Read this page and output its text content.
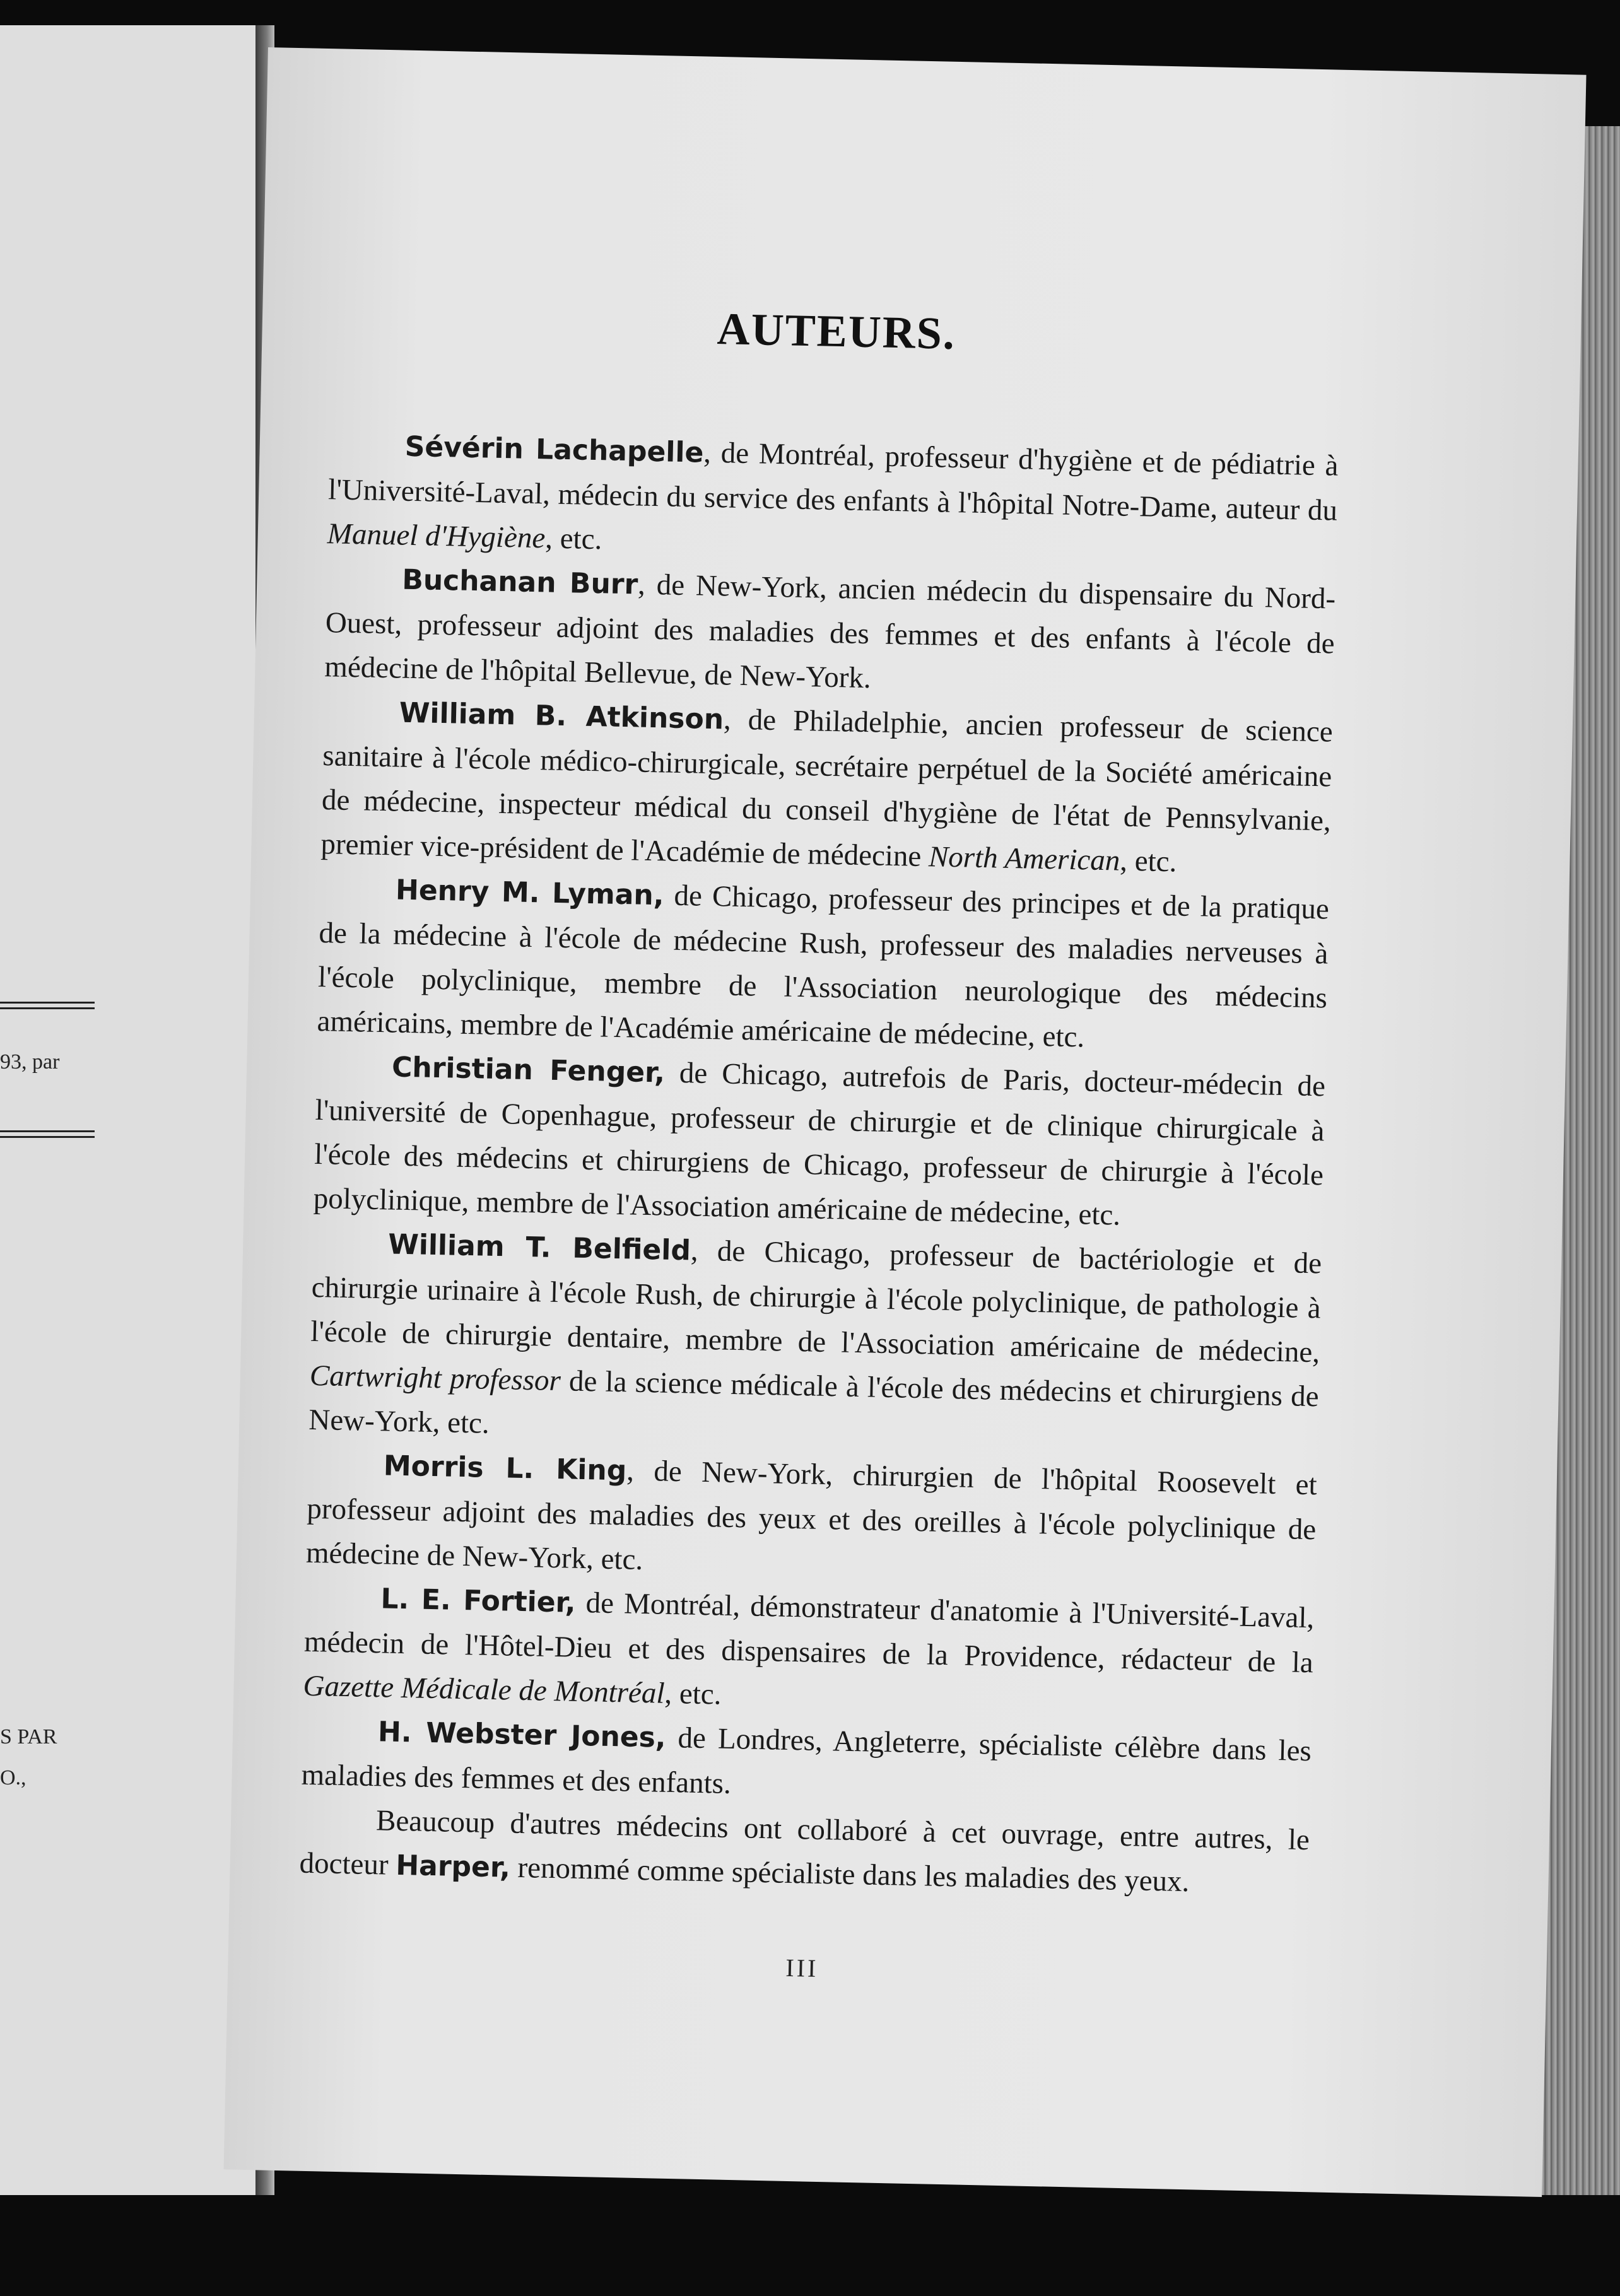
93, par
S PAR
O.,
AUTEURS.

Sévérin Lachapelle, de Montréal, professeur d'hygiène et de pédiatrie à l'Université-Laval, médecin du service des enfants à l'hôpital Notre-Dame, auteur du Manuel d'Hygiène, etc.

Buchanan Burr, de New-York, ancien médecin du dispensaire du Nord-Ouest, professeur adjoint des maladies des femmes et des enfants à l'école de médecine de l'hôpital Bellevue, de New-York.

William B. Atkinson, de Philadelphie, ancien professeur de science sanitaire à l'école médico-chirurgicale, secrétaire perpétuel de la Société américaine de médecine, inspecteur médical du conseil d'hygiène de l'état de Pennsylvanie, premier vice-président de l'Académie de médecine North American, etc.

Henry M. Lyman, de Chicago, professeur des principes et de la pratique de la médecine à l'école de médecine Rush, professeur des maladies nerveuses à l'école polyclinique, membre de l'Association neurologique des médecins américains, membre de l'Académie américaine de médecine, etc.

Christian Fenger, de Chicago, autrefois de Paris, docteur-médecin de l'université de Copenhague, professeur de chirurgie et de clinique chirurgicale à l'école des médecins et chirurgiens de Chicago, professeur de chirurgie à l'école polyclinique, membre de l'Association américaine de médecine, etc.

William T. Belfield, de Chicago, professeur de bactériologie et de chirurgie urinaire à l'école Rush, de chirurgie à l'école polyclinique, de pathologie à l'école de chirurgie dentaire, membre de l'Association américaine de médecine, Cartwright professor de la science médicale à l'école des médecins et chirurgiens de New-York, etc.

Morris L. King, de New-York, chirurgien de l'hôpital Roosevelt et professeur adjoint des maladies des yeux et des oreilles à l'école polyclinique de médecine de New-York, etc.

L. E. Fortier, de Montréal, démonstrateur d'anatomie à l'Université-Laval, médecin de l'Hôtel-Dieu et des dispensaires de la Providence, rédacteur de la Gazette Médicale de Montréal, etc.

H. Webster Jones, de Londres, Angleterre, spécialiste célèbre dans les maladies des femmes et des enfants.

Beaucoup d'autres médecins ont collaboré à cet ouvrage, entre autres, le docteur Harper, renommé comme spécialiste dans les maladies des yeux.

III
